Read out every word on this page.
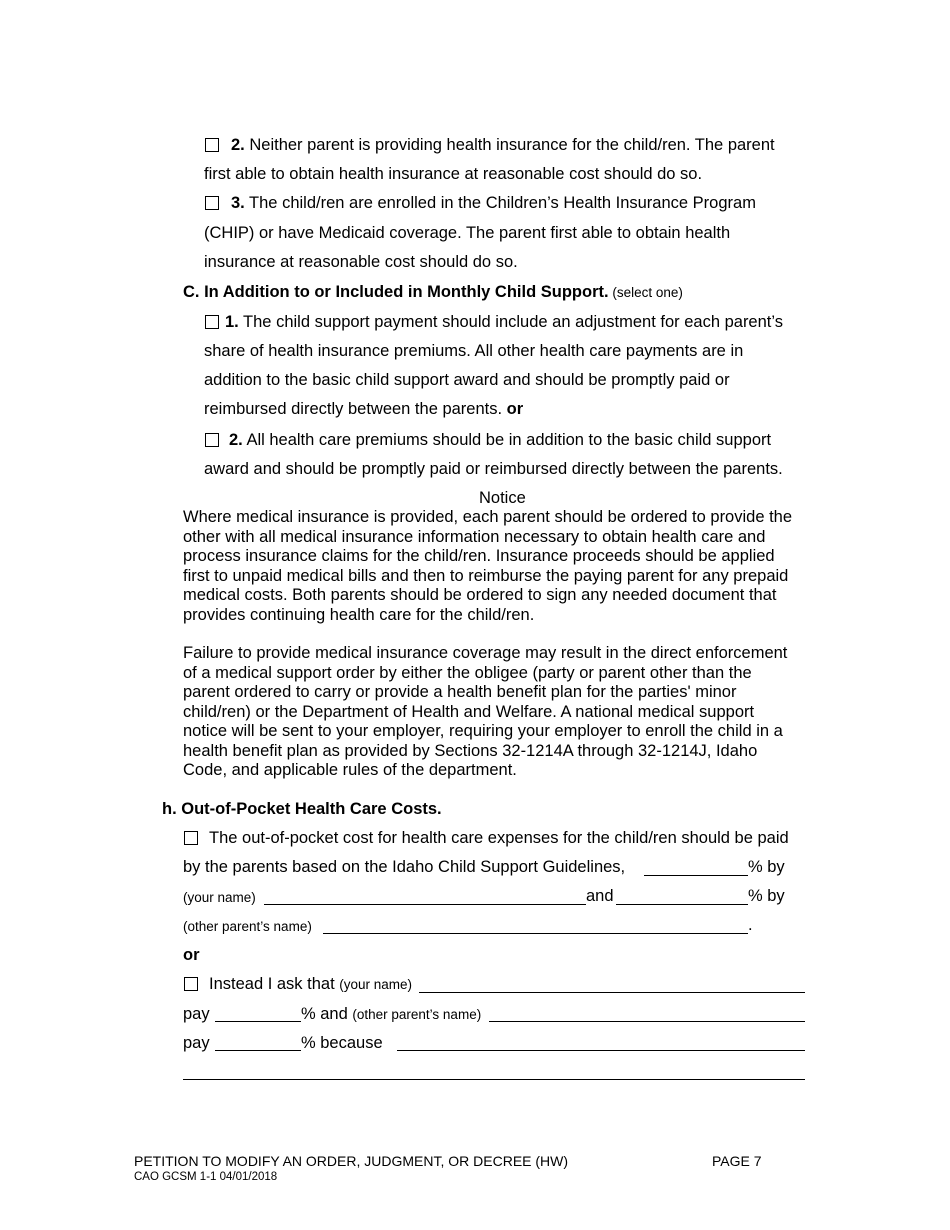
2. Neither parent is providing health insurance for the child/ren. The parent
first able to obtain health insurance at reasonable cost should do so.
3. The child/ren are enrolled in the Children’s Health Insurance Program
(CHIP) or have Medicaid coverage. The parent first able to obtain health
insurance at reasonable cost should do so.
C. In Addition to or Included in Monthly Child Support. (select one)
1. The child support payment should include an adjustment for each parent’s
share of health insurance premiums. All other health care payments are in
addition to the basic child support award and should be promptly paid or
reimbursed directly between the parents. or
2. All health care premiums should be in addition to the basic child support
award and should be promptly paid or reimbursed directly between the parents.
Notice
Where medical insurance is provided, each parent should be ordered to provide the
other with all medical insurance information necessary to obtain health care and
process insurance claims for the child/ren. Insurance proceeds should be applied
first to unpaid medical bills and then to reimburse the paying parent for any prepaid
medical costs. Both parents should be ordered to sign any needed document that
provides continuing health care for the child/ren.
Failure to provide medical insurance coverage may result in the direct enforcement
of a medical support order by either the obligee (party or parent other than the
parent ordered to carry or provide a health benefit plan for the parties' minor
child/ren) or the Department of Health and Welfare. A national medical support
notice will be sent to your employer, requiring your employer to enroll the child in a
health benefit plan as provided by Sections 32-1214A through 32-1214J, Idaho
Code, and applicable rules of the department.
h. Out-of-Pocket Health Care Costs.
The out-of-pocket cost for health care expenses for the child/ren should be paid
by the parents based on the Idaho Child Support Guidelines,	% by
(your name)	and	% by
(other parent’s name)	.
or
Instead I ask that (your name)
pay	% and (other parent’s name)
pay	% because
PETITION TO MODIFY AN ORDER, JUDGMENT, OR DECREE (HW)	PAGE 7
CAO GCSM 1-1 04/01/2018
